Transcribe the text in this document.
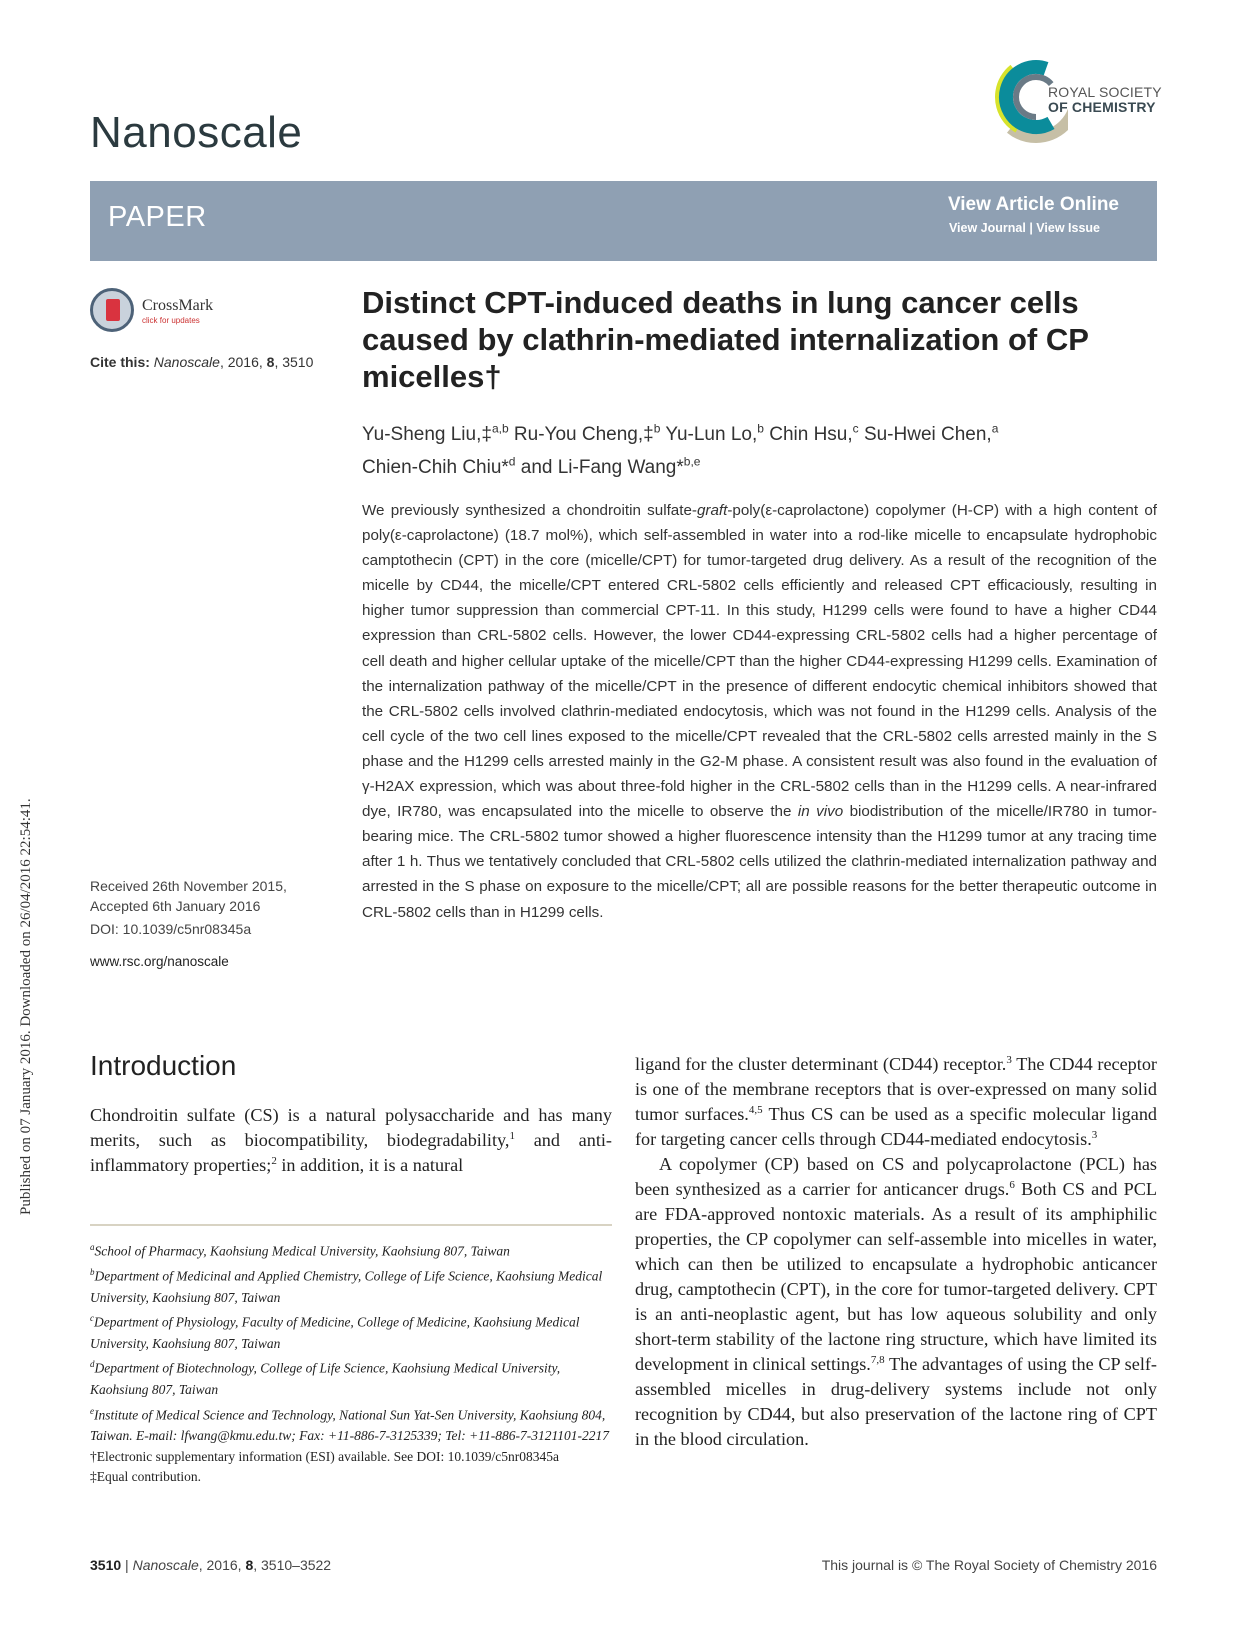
Published on 07 January 2016. Downloaded on 26/04/2016 22:54:41.
Nanoscale
ROYAL SOCIETY
OF CHEMISTRY
PAPER	View Article Online
View Journal | View Issue
CrossMark
click for updates
Cite this: Nanoscale, 2016, 8, 3510
Distinct CPT-induced deaths in lung cancer cells caused by clathrin-mediated internalization of CP micelles†
Yu-Sheng Liu,‡$^{a,b}$ Ru-You Cheng,‡$^b$ Yu-Lun Lo,$^b$ Chin Hsu,$^c$ Su-Hwei Chen,$^a$
Chien-Chih Chiu*$^d$ and Li-Fang Wang*$^{b,e}$
We previously synthesized a chondroitin sulfate-graft-poly(ε-caprolactone) copolymer (H-CP) with a high content of poly(ε-caprolactone) (18.7 mol%), which self-assembled in water into a rod-like micelle to encapsulate hydrophobic camptothecin (CPT) in the core (micelle/CPT) for tumor-targeted drug delivery. As a result of the recognition of the micelle by CD44, the micelle/CPT entered CRL-5802 cells efficiently and released CPT efficaciously, resulting in higher tumor suppression than commercial CPT-11. In this study, H1299 cells were found to have a higher CD44 expression than CRL-5802 cells. However, the lower CD44-expressing CRL-5802 cells had a higher percentage of cell death and higher cellular uptake of the micelle/CPT than the higher CD44-expressing H1299 cells. Examination of the internalization pathway of the micelle/CPT in the presence of different endocytic chemical inhibitors showed that the CRL-5802 cells involved clathrin-mediated endocytosis, which was not found in the H1299 cells. Analysis of the cell cycle of the two cell lines exposed to the micelle/CPT revealed that the CRL-5802 cells arrested mainly in the S phase and the H1299 cells arrested mainly in the G2-M phase. A consistent result was also found in the evaluation of γ-H2AX expression, which was about three-fold higher in the CRL-5802 cells than in the H1299 cells. A near-infrared dye, IR780, was encapsulated into the micelle to observe the in vivo biodistribution of the micelle/IR780 in tumor-bearing mice. The CRL-5802 tumor showed a higher fluorescence intensity than the H1299 tumor at any tracing time after 1 h. Thus we tentatively concluded that CRL-5802 cells utilized the clathrin-mediated internalization pathway and arrested in the S phase on exposure to the micelle/CPT; all are possible reasons for the better therapeutic outcome in CRL-5802 cells than in H1299 cells.
Received 26th November 2015,
Accepted 6th January 2016
DOI: 10.1039/c5nr08345a
www.rsc.org/nanoscale
Introduction
Chondroitin sulfate (CS) is a natural polysaccharide and has many merits, such as biocompatibility, biodegradability,$^1$ and anti-inflammatory properties;$^2$ in addition, it is a natural
$^a$School of Pharmacy, Kaohsiung Medical University, Kaohsiung 807, Taiwan
$^b$Department of Medicinal and Applied Chemistry, College of Life Science, Kaohsiung Medical University, Kaohsiung 807, Taiwan
$^c$Department of Physiology, Faculty of Medicine, College of Medicine, Kaohsiung Medical University, Kaohsiung 807, Taiwan
$^d$Department of Biotechnology, College of Life Science, Kaohsiung Medical University, Kaohsiung 807, Taiwan
$^e$Institute of Medical Science and Technology, National Sun Yat-Sen University, Kaohsiung 804, Taiwan. E-mail: lfwang@kmu.edu.tw; Fax: +11-886-7-3125339; Tel: +11-886-7-3121101-2217
†Electronic supplementary information (ESI) available. See DOI: 10.1039/c5nr08345a
‡Equal contribution.

ligand for the cluster determinant (CD44) receptor.$^3$ The CD44 receptor is one of the membrane receptors that is over-expressed on many solid tumor surfaces.$^{4,5}$ Thus CS can be used as a specific molecular ligand for targeting cancer cells through CD44-mediated endocytosis.$^3$

A copolymer (CP) based on CS and polycaprolactone (PCL) has been synthesized as a carrier for anticancer drugs.$^6$ Both CS and PCL are FDA-approved nontoxic materials. As a result of its amphiphilic properties, the CP copolymer can self-assemble into micelles in water, which can then be utilized to encapsulate a hydrophobic anticancer drug, camptothecin (CPT), in the core for tumor-targeted delivery. CPT is an anti-neoplastic agent, but has low aqueous solubility and only short-term stability of the lactone ring structure, which have limited its development in clinical settings.$^{7,8}$ The advantages of using the CP self-assembled micelles in drug-delivery systems include not only recognition by CD44, but also preservation of the lactone ring of CPT in the blood circulation.

3510 | Nanoscale, 2016, 8, 3510–3522	This journal is © The Royal Society of Chemistry 2016
